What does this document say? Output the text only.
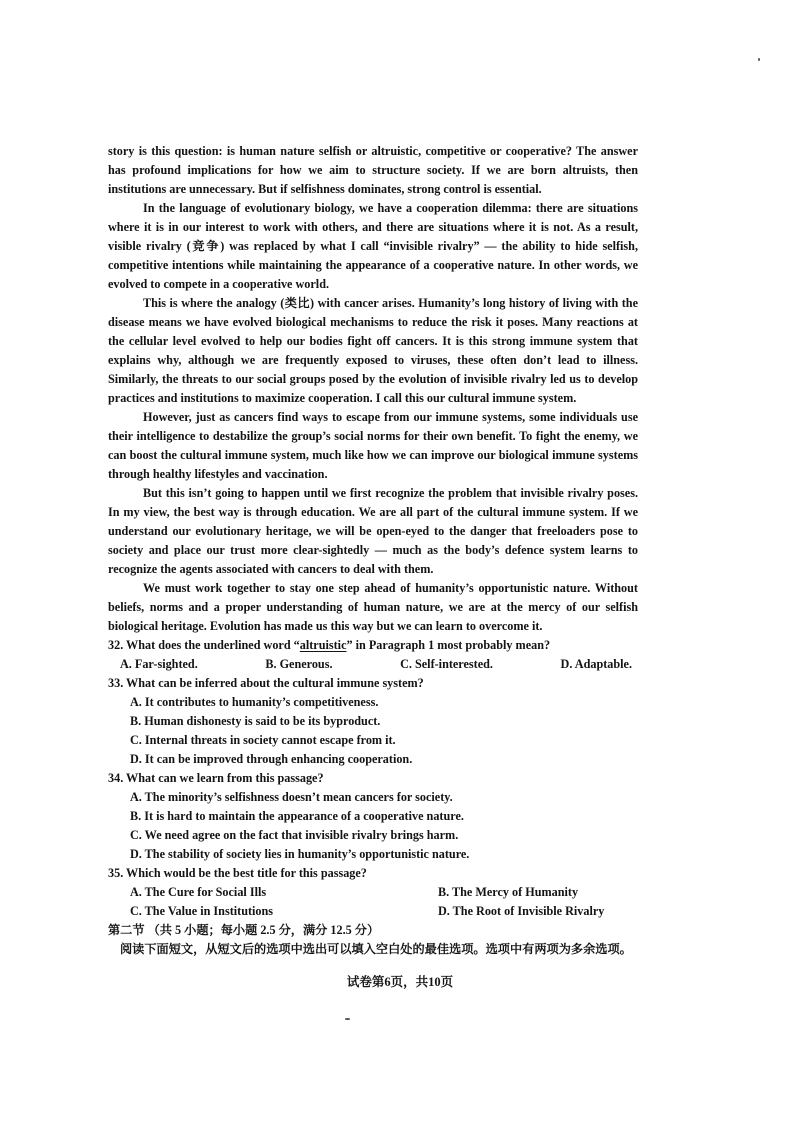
story is this question: is human nature selfish or altruistic, competitive or cooperative? The answer has profound implications for how we aim to structure society. If we are born altruists, then institutions are unnecessary. But if selfishness dominates, strong control is essential.

In the language of evolutionary biology, we have a cooperation dilemma: there are situations where it is in our interest to work with others, and there are situations where it is not. As a result, visible rivalry (竞争) was replaced by what I call “invisible rivalry” — the ability to hide selfish, competitive intentions while maintaining the appearance of a cooperative nature. In other words, we evolved to compete in a cooperative world.

This is where the analogy (类比) with cancer arises. Humanity’s long history of living with the disease means we have evolved biological mechanisms to reduce the risk it poses. Many reactions at the cellular level evolved to help our bodies fight off cancers. It is this strong immune system that explains why, although we are frequently exposed to viruses, these often don’t lead to illness. Similarly, the threats to our social groups posed by the evolution of invisible rivalry led us to develop practices and institutions to maximize cooperation. I call this our cultural immune system.

However, just as cancers find ways to escape from our immune systems, some individuals use their intelligence to destabilize the group’s social norms for their own benefit. To fight the enemy, we can boost the cultural immune system, much like how we can improve our biological immune systems through healthy lifestyles and vaccination.

But this isn’t going to happen until we first recognize the problem that invisible rivalry poses. In my view, the best way is through education. We are all part of the cultural immune system. If we understand our evolutionary heritage, we will be open-eyed to the danger that freeloaders pose to society and place our trust more clear-sightedly — much as the body’s defence system learns to recognize the agents associated with cancers to deal with them.

We must work together to stay one step ahead of humanity’s opportunistic nature. Without beliefs, norms and a proper understanding of human nature, we are at the mercy of our selfish biological heritage. Evolution has made us this way but we can learn to overcome it.

32. What does the underlined word “altruistic” in Paragraph 1 most probably mean?

A. Far-sighted.	B. Generous.	C. Self-interested.	D. Adaptable.

33. What can be inferred about the cultural immune system?

A. It contributes to humanity’s competitiveness.

B. Human dishonesty is said to be its byproduct.

C. Internal threats in society cannot escape from it.

D. It can be improved through enhancing cooperation.

34. What can we learn from this passage?

A. The minority’s selfishness doesn’t mean cancers for society.

B. It is hard to maintain the appearance of a cooperative nature.

C. We need agree on the fact that invisible rivalry brings harm.

D. The stability of society lies in humanity’s opportunistic nature.

35. Which would be the best title for this passage?

A. The Cure for Social Ills	B. The Mercy of Humanity
C. The Value in Institutions	D. The Root of Invisible Rivalry

第二节 （共 5 小题；每小题 2.5 分，满分 12.5 分）

阅读下面短文，从短文后的选项中选出可以填入空白处的最佳选项。选项中有两项为多余选项。

试卷第6页，共10页
